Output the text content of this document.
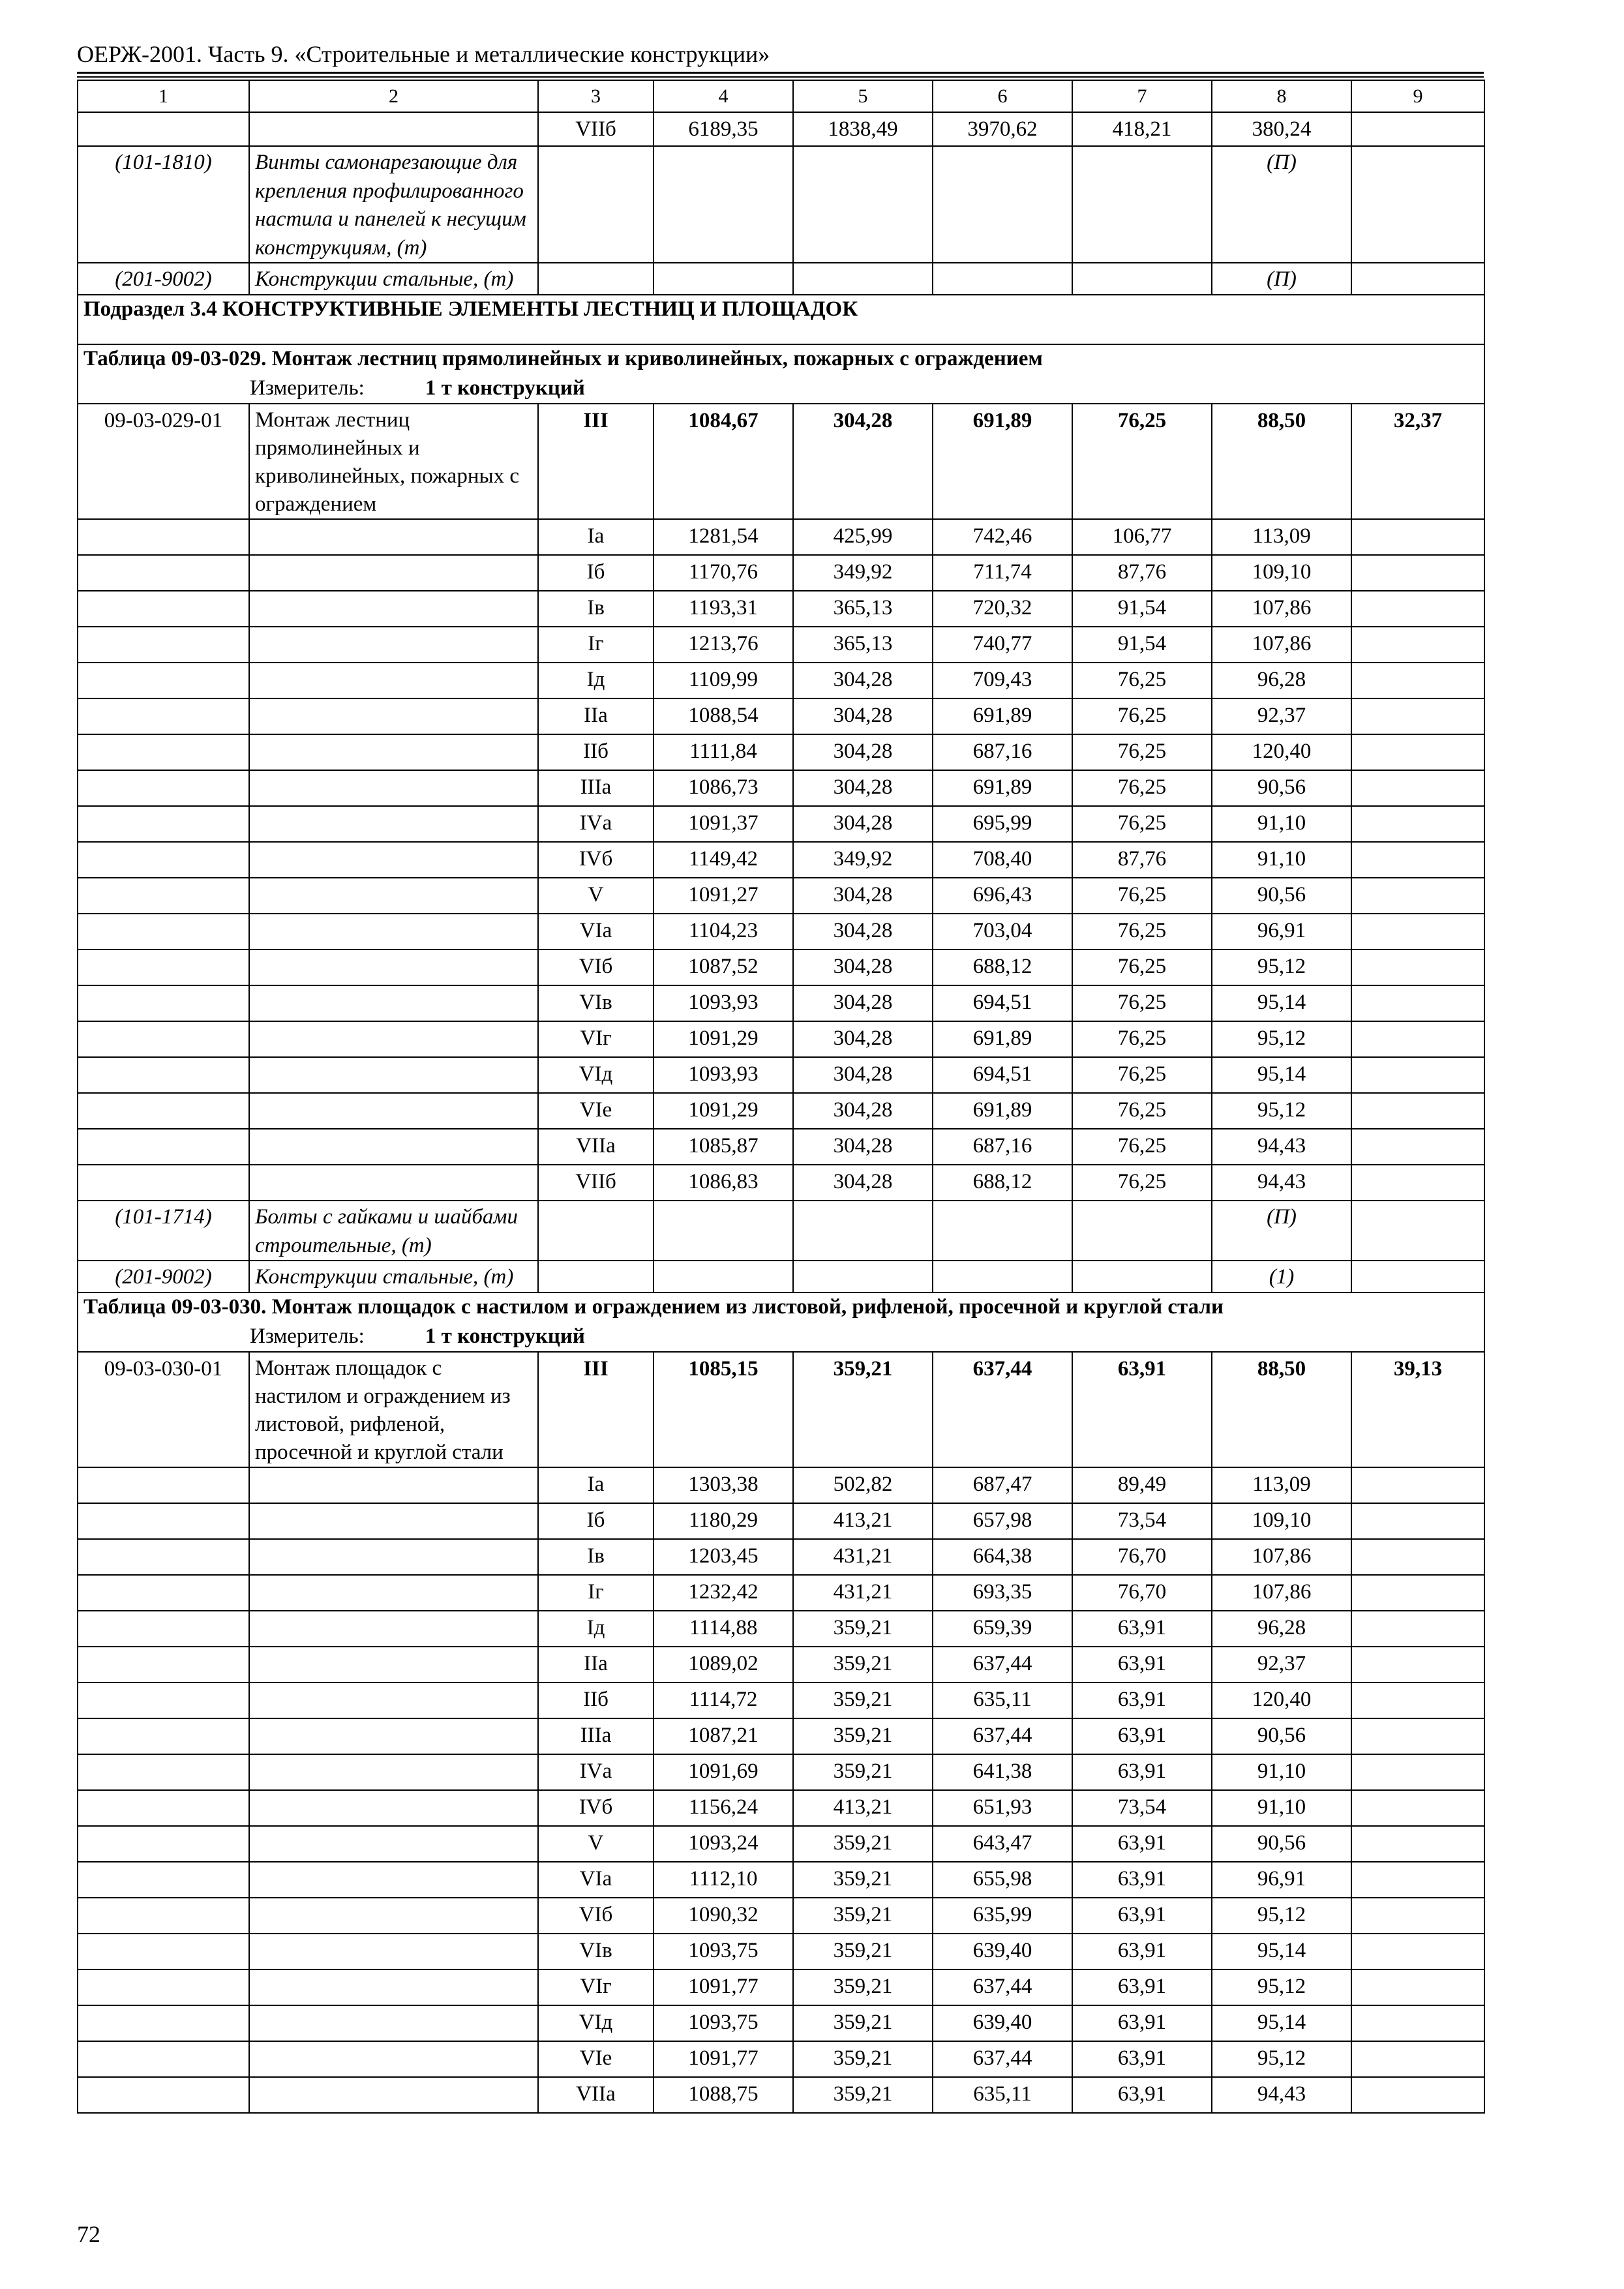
ОЕРЖ-2001. Часть 9. «Строительные и металлические конструкции»
1	2	3	4	5	6	7	8	9
		VIIб	6189,35	1838,49	3970,62	418,21	380,24	
(101-1810)	Винты самонарезающие для крепления профилированного настила и панелей к несущим конструкциям, (т)						(П)	
(201-9002)	Конструкции стальные, (т)						(П)	
Подраздел 3.4 КОНСТРУКТИВНЫЕ ЭЛЕМЕНТЫ ЛЕСТНИЦ И ПЛОЩАДОК								

Таблица 09-03-029. Монтаж лестниц прямолинейных и криволинейных, пожарных с ограждением
Измеритель: 1 т конструкций								

09-03-029-01	Монтаж лестниц прямолинейных и криволинейных, пожарных с ограждением	III	1084,67	304,28	691,89	76,25	88,50	32,37
		Iа	1281,54	425,99	742,46	106,77	113,09	
		Iб	1170,76	349,92	711,74	87,76	109,10	
		Iв	1193,31	365,13	720,32	91,54	107,86	
		Iг	1213,76	365,13	740,77	91,54	107,86	
		Iд	1109,99	304,28	709,43	76,25	96,28	
		IIа	1088,54	304,28	691,89	76,25	92,37	
		IIб	1111,84	304,28	687,16	76,25	120,40	
		IIIа	1086,73	304,28	691,89	76,25	90,56	
		IVа	1091,37	304,28	695,99	76,25	91,10	
		IVб	1149,42	349,92	708,40	87,76	91,10	
		V	1091,27	304,28	696,43	76,25	90,56	
		VIа	1104,23	304,28	703,04	76,25	96,91	
		VIб	1087,52	304,28	688,12	76,25	95,12	
		VIв	1093,93	304,28	694,51	76,25	95,14	
		VIг	1091,29	304,28	691,89	76,25	95,12	
		VIд	1093,93	304,28	694,51	76,25	95,14	
		VIе	1091,29	304,28	691,89	76,25	95,12	
		VIIа	1085,87	304,28	687,16	76,25	94,43	
		VIIб	1086,83	304,28	688,12	76,25	94,43	
(101-1714)	Болты с гайками и шайбами строительные, (т)						(П)	
(201-9002)	Конструкции стальные, (т)						(1)	

Таблица 09-03-030. Монтаж площадок с настилом и ограждением из листовой, рифленой, просечной и круглой стали
Измеритель: 1 т конструкций								

09-03-030-01	Монтаж площадок с настилом и ограждением из листовой, рифленой, просечной и круглой стали	III	1085,15	359,21	637,44	63,91	88,50	39,13
		Iа	1303,38	502,82	687,47	89,49	113,09	
		Iб	1180,29	413,21	657,98	73,54	109,10	
		Iв	1203,45	431,21	664,38	76,70	107,86	
		Iг	1232,42	431,21	693,35	76,70	107,86	
		Iд	1114,88	359,21	659,39	63,91	96,28	
		IIа	1089,02	359,21	637,44	63,91	92,37	
		IIб	1114,72	359,21	635,11	63,91	120,40	
		IIIа	1087,21	359,21	637,44	63,91	90,56	
		IVа	1091,69	359,21	641,38	63,91	91,10	
		IVб	1156,24	413,21	651,93	73,54	91,10	
		V	1093,24	359,21	643,47	63,91	90,56	
		VIа	1112,10	359,21	655,98	63,91	96,91	
		VIб	1090,32	359,21	635,99	63,91	95,12	
		VIв	1093,75	359,21	639,40	63,91	95,14	
		VIг	1091,77	359,21	637,44	63,91	95,12	
		VIд	1093,75	359,21	639,40	63,91	95,14	
		VIе	1091,77	359,21	637,44	63,91	95,12	
		VIIа	1088,75	359,21	635,11	63,91	94,43	
72
